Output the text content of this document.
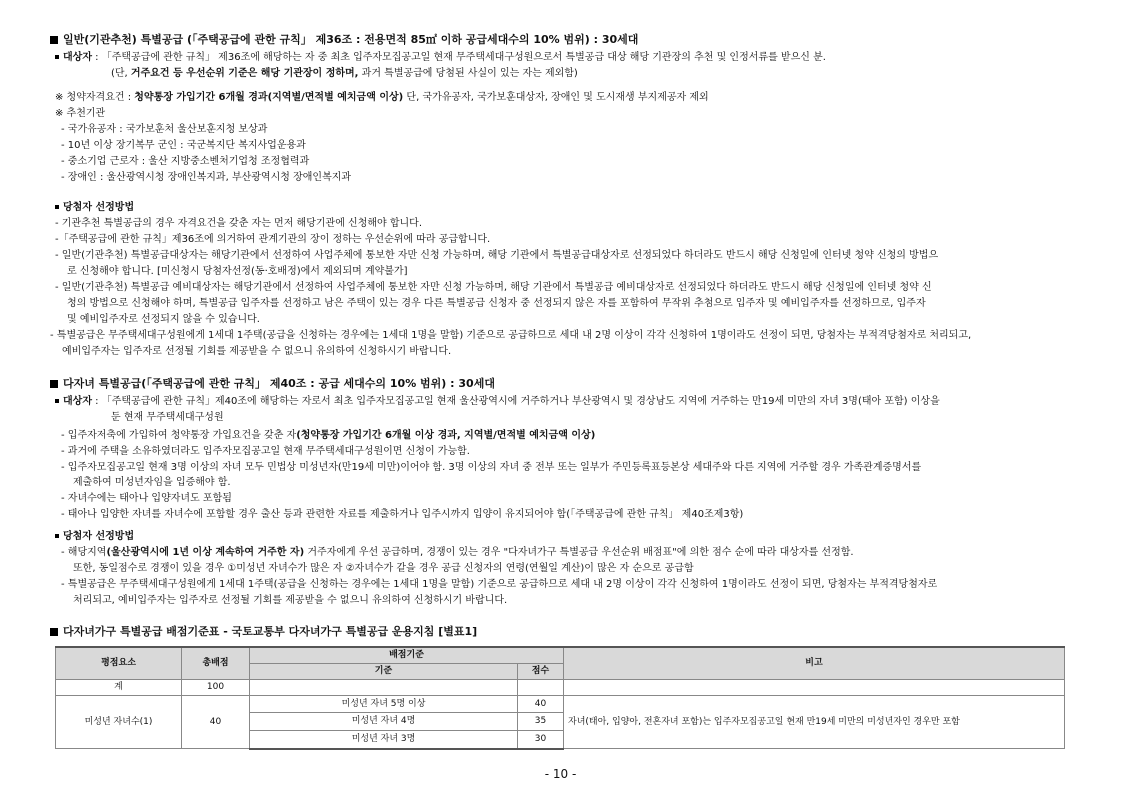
일반(기관추천) 특별공급 (「주택공급에 관한 규칙」 제36조 : 전용면적 85㎡ 이하 공급세대수의 10% 범위) : 30세대
대상자 : 「주택공급에 관한 규칙」 제36조에 해당하는 자 중 최초 입주자모집공고일 현재 무주택세대구성원으로서 특별공급 대상 해당 기관장의 추천 및 인정서류를 받으신 분.
(단, 거주요건 등 우선순위 기준은 해당 기관장이 정하며, 과거 특별공급에 당첨된 사실이 있는 자는 제외함)
※ 청약자격요건 : 청약통장 가입기간 6개월 경과(지역별/면적별 예치금액 이상) 단, 국가유공자, 국가보훈대상자, 장애인 및 도시재생 부지제공자 제외
※ 추천기관
- 국가유공자 : 국가보훈처 울산보훈지청 보상과
- 10년 이상 장기복무 군인 : 국군복지단 복지사업운용과
- 중소기업 근로자 : 울산 지방중소벤처기업청 조정협력과
- 장애인 : 울산광역시청 장애인복지과, 부산광역시청 장애인복지과
당첨자 선정방법
- 기관추천 특별공급의 경우 자격요건을 갖춘 자는 먼저 해당기관에 신청해야 합니다.
-「주택공급에 관한 규칙」제36조에 의거하여 관계기관의 장이 정하는 우선순위에 따라 공급합니다.
- 일반(기관추천) 특별공급대상자는 해당기관에서 선정하여 사업주체에 통보한 자만 신청 가능하며, 해당 기관에서 특별공급대상자로 선정되었다 하더라도 반드시 해당 신청일에 인터넷 청약 신청의 방법으
로 신청해야 합니다. [미신청시 당첨자선정(동·호배정)에서 제외되며 계약불가]
- 일반(기관추천) 특별공급 예비대상자는 해당기관에서 선정하여 사업주체에 통보한 자만 신청 가능하며, 해당 기관에서 특별공급 예비대상자로 선정되었다 하더라도 반드시 해당 신청일에 인터넷 청약 신
청의 방법으로 신청해야 하며, 특별공급 입주자를 선정하고 남은 주택이 있는 경우 다른 특별공급 신청자 중 선정되지 않은 자를 포함하여 무작위 추첨으로 입주자 및 예비입주자를 선정하므로, 입주자
및 예비입주자로 선정되지 않을 수 있습니다.
- 특별공급은 무주택세대구성원에게 1세대 1주택(공급을 신청하는 경우에는 1세대 1명을 말함) 기준으로 공급하므로 세대 내 2명 이상이 각각 신청하여 1명이라도 선정이 되면, 당첨자는 부적격당첨자로 처리되고,
예비입주자는 입주자로 선정될 기회를 제공받을 수 없으니 유의하여 신청하시기 바랍니다.
다자녀 특별공급(「주택공급에 관한 규칙」 제40조 : 공급 세대수의 10% 범위) : 30세대
대상자 : 「주택공급에 관한 규칙」제40조에 해당하는 자로서 최초 입주자모집공고일 현재 울산광역시에 거주하거나 부산광역시 및 경상남도 지역에 거주하는 만19세 미만의 자녀 3명(태아 포함) 이상을
둔 현재 무주택세대구성원
- 입주자저축에 가입하여 청약통장 가입요건을 갖춘 자(청약통장 가입기간 6개월 이상 경과, 지역별/면적별 예치금액 이상)
- 과거에 주택을 소유하였더라도 입주자모집공고일 현재 무주택세대구성원이면 신청이 가능함.
- 입주자모집공고일 현재 3명 이상의 자녀 모두 민법상 미성년자(만19세 미만)이어야 함. 3명 이상의 자녀 중 전부 또는 일부가 주민등록표등본상 세대주와 다른 지역에 거주할 경우 가족관계증명서를
제출하여 미성년자임을 입증해야 함.
- 자녀수에는 태아나 입양자녀도 포함됨
- 태아나 입양한 자녀를 자녀수에 포함할 경우 출산 등과 관련한 자료를 제출하거나 입주시까지 입양이 유지되어야 함(「주택공급에 관한 규칙」 제40조제3항)
당첨자 선정방법
- 해당지역(울산광역시에 1년 이상 계속하여 거주한 자) 거주자에게 우선 공급하며, 경쟁이 있는 경우 "다자녀가구 특별공급 우선순위 배점표"에 의한 점수 순에 따라 대상자를 선정함.
또한, 동일점수로 경쟁이 있을 경우 ①미성년 자녀수가 많은 자 ②자녀수가 같을 경우 공급 신청자의 연령(연월일 계산)이 많은 자 순으로 공급함
- 특별공급은 무주택세대구성원에게 1세대 1주택(공급을 신청하는 경우에는 1세대 1명을 말함) 기준으로 공급하므로 세대 내 2명 이상이 각각 신청하여 1명이라도 선정이 되면, 당첨자는 부적격당첨자로
처리되고, 예비입주자는 입주자로 선정될 기회를 제공받을 수 없으니 유의하여 신청하시기 바랍니다.
다자녀가구 특별공급 배점기준표 - 국토교통부 다자녀가구 특별공급 운용지침 [별표1]
평점요소	총배점	배점기준		비고
		기준	점수	
계	100			
미성년 자녀수(1)	40	미성년 자녀 5명 이상	40	자녀(태아, 입양아, 전혼자녀 포함)는 입주자모집공고일 현재 만19세 미만의 미성년자인 경우만 포함
		미성년 자녀 4명	35	
		미성년 자녀 3명	30	
- 10 -
